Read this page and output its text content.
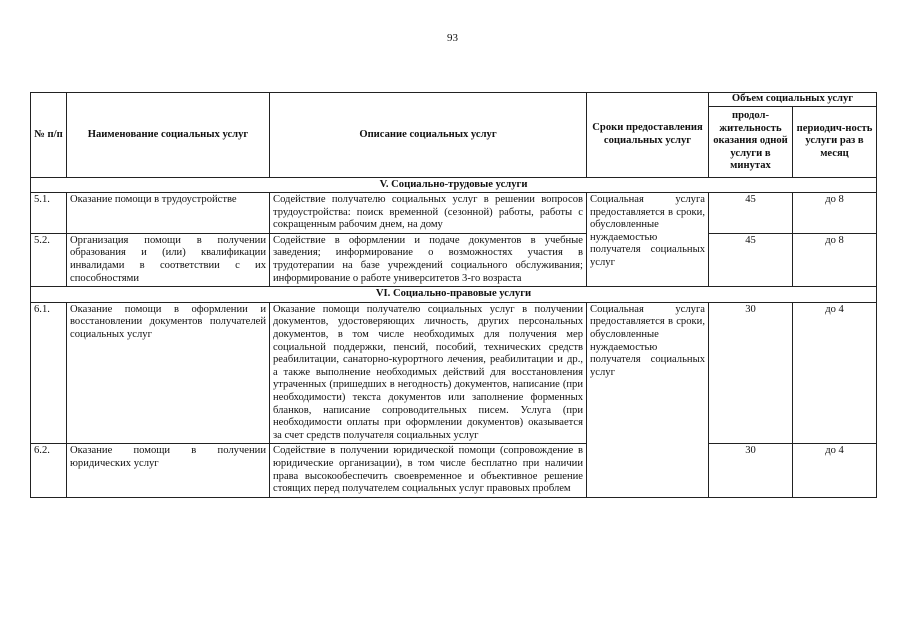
93
№ п/п	Наименование социальных услуг	Описание социальных услуг	Сроки предоставления социальных услуг	Объем социальных услуг	
				продол-жительность оказания одной услуги в минутах	периодич-ность услуги раз в месяц
V. Социально-трудовые услуги					
5.1.	Оказание помощи в трудоустройстве	Содействие получателю социальных услуг в решении вопросов трудоустройства: поиск временной (сезонной) работы, работы с сокращенным рабочим днем, на дому	Социальная услуга предоставляется в сроки, обусловленные нуждаемостью получателя социальных услуг	45	до 8
5.2.	Организация помощи в получении образования и (или) квалификации инвалидами в соответствии с их способностями	Содействие в оформлении и подаче документов в учебные заведения; информирование о возможностях участия в трудотерапии на базе учреждений социального обслуживания; информирование о работе университетов 3-го возраста		45	до 8
VI. Социально-правовые услуги					
6.1.	Оказание помощи в оформлении и восстановлении документов получателей социальных услуг	Оказание помощи получателю социальных услуг в получении документов, удостоверяющих личность, других персональных документов, в том числе необходимых для получения мер социальной поддержки, пенсий, пособий, технических средств реабилитации, санаторно-курортного лечения, реабилитации и др., а также выполнение необходимых действий для восстановления утраченных (пришедших в негодность) документов, написание (при необходимости) текста документов или заполнение форменных бланков, написание сопроводительных писем. Услуга (при необходимости оплаты при оформлении документов) оказывается за счет средств получателя социальных услуг	Социальная услуга предоставляется в сроки, обусловленные нуждаемостью получателя социальных услуг	30	до 4
6.2.	Оказание помощи в получении юридических услуг	Содействие в получении юридической помощи (сопровождение в юридические организации), в том числе бесплатно при наличии права высокообеспечить своевременное и объективное решение стоящих перед получателем социальных услуг правовых проблем		30	до 4
